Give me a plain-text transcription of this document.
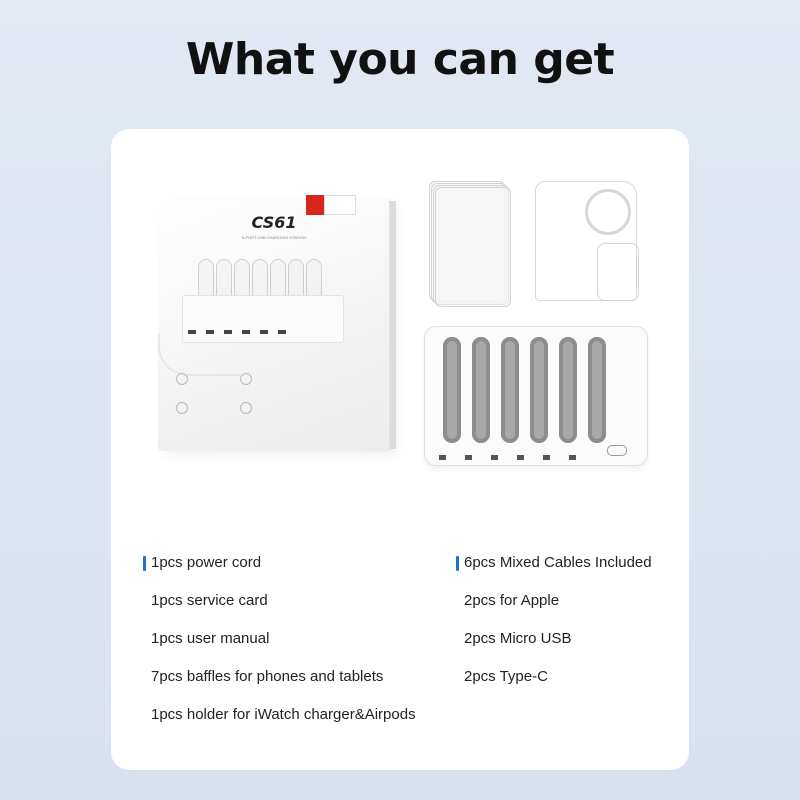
What you can get
CS61
6-PORT USB CHARGING STATION
1pcs power cord
1pcs service card
1pcs user manual
7pcs baffles for phones and tablets
1pcs holder for iWatch charger&Airpods
6pcs Mixed Cables Included
2pcs for Apple
2pcs Micro USB
2pcs Type-C
